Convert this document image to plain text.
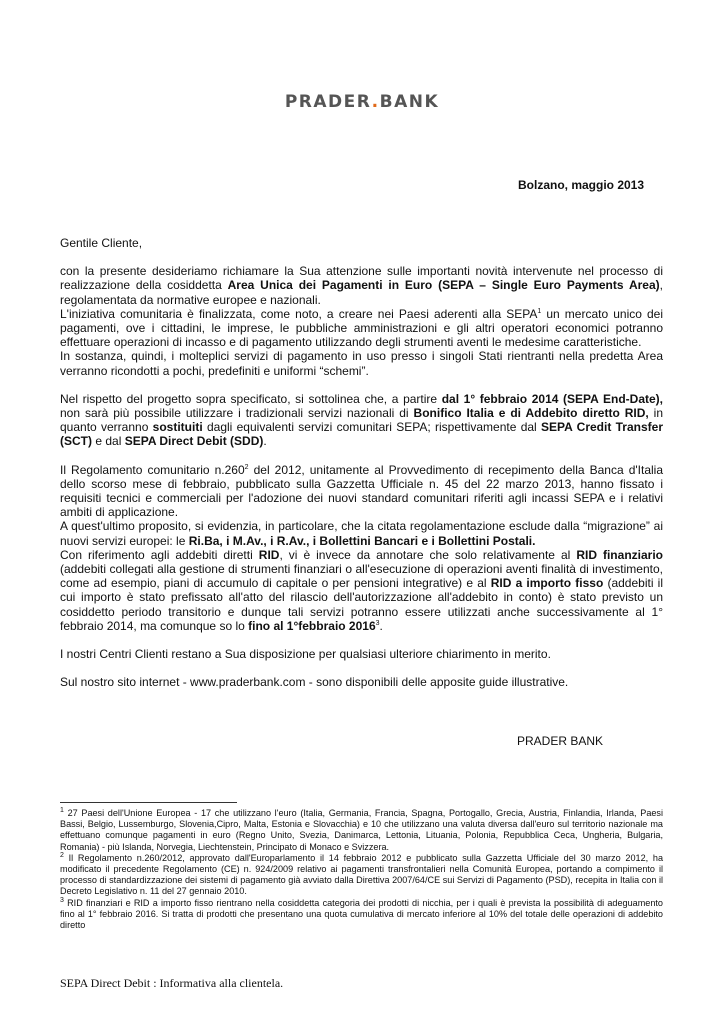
PRADER.BANK
Bolzano, maggio 2013

Gentile Cliente,

con la presente desideriamo richiamare la Sua attenzione sulle importanti novità intervenute nel processo di realizzazione della cosiddetta Area Unica dei Pagamenti in Euro (SEPA – Single Euro Payments Area), regolamentata da normative europee e nazionali.

L'iniziativa comunitaria è finalizzata, come noto, a creare nei Paesi aderenti alla SEPA$^1$ un mercato unico dei pagamenti, ove i cittadini, le imprese, le pubbliche amministrazioni e gli altri operatori economici potranno effettuare operazioni di incasso e di pagamento utilizzando degli strumenti aventi le medesime caratteristiche.

In sostanza, quindi, i molteplici servizi di pagamento in uso presso i singoli Stati rientranti nella predetta Area verranno ricondotti a pochi, predefiniti e uniformi “schemi”.

Nel rispetto del progetto sopra specificato, si sottolinea che, a partire dal 1° febbraio 2014 (SEPA End-Date), non sarà più possibile utilizzare i tradizionali servizi nazionali di Bonifico Italia e di Addebito diretto RID, in quanto verranno sostituiti dagli equivalenti servizi comunitari SEPA; rispettivamente dal SEPA Credit Transfer (SCT) e dal SEPA Direct Debit (SDD).

Il Regolamento comunitario n.260$^2$ del 2012, unitamente al Provvedimento di recepimento della Banca d'Italia dello scorso mese di febbraio, pubblicato sulla Gazzetta Ufficiale n. 45 del 22 marzo 2013, hanno fissato i requisiti tecnici e commerciali per l'adozione dei nuovi standard comunitari riferiti agli incassi SEPA e i relativi ambiti di applicazione.

A quest'ultimo proposito, si evidenzia, in particolare, che la citata regolamentazione esclude dalla “migrazione” ai nuovi servizi europei: le Ri.Ba, i M.Av., i R.Av., i Bollettini Bancari e i Bollettini Postali.

Con riferimento agli addebiti diretti RID, vi è invece da annotare che solo relativamente al RID finanziario (addebiti collegati alla gestione di strumenti finanziari o all'esecuzione di operazioni aventi finalità di investimento, come ad esempio, piani di accumulo di capitale o per pensioni integrative) e al RID a importo fisso (addebiti il cui importo è stato prefissato all'atto del rilascio dell'autorizzazione all'addebito in conto) è stato previsto un cosiddetto periodo transitorio e dunque tali servizi potranno essere utilizzati anche successivamente al 1° febbraio 2014, ma comunque so lo fino al 1°febbraio 2016$^3$.

I nostri Centri Clienti restano a Sua disposizione per qualsiasi ulteriore chiarimento in merito.

Sul nostro sito internet - www.praderbank.com - sono disponibili delle apposite guide illustrative.

PRADER BANK

$^1$ 27 Paesi dell'Unione Europea - 17 che utilizzano l'euro (Italia, Germania, Francia, Spagna, Portogallo, Grecia, Austria, Finlandia, Irlanda, Paesi Bassi, Belgio, Lussemburgo, Slovenia,Cipro, Malta, Estonia e Slovacchia) e 10 che utilizzano una valuta diversa dall'euro sul territorio nazionale ma effettuano comunque pagamenti in euro (Regno Unito, Svezia, Danimarca, Lettonia, Lituania, Polonia, Repubblica Ceca, Ungheria, Bulgaria, Romania) - più Islanda, Norvegia, Liechtenstein, Principato di Monaco e Svizzera.

$^2$ Il Regolamento n.260/2012, approvato dall'Europarlamento il 14 febbraio 2012 e pubblicato sulla Gazzetta Ufficiale del 30 marzo 2012, ha modificato il precedente Regolamento (CE) n. 924/2009 relativo ai pagamenti transfrontalieri nella Comunità Europea, portando a compimento il processo di standardizzazione dei sistemi di pagamento già avviato dalla Direttiva 2007/64/CE sui Servizi di Pagamento (PSD), recepita in Italia con il Decreto Legislativo n. 11 del 27 gennaio 2010.

$^3$ RID finanziari e RID a importo fisso rientrano nella cosiddetta categoria dei prodotti di nicchia, per i quali è prevista la possibilità di adeguamento fino al 1° febbraio 2016. Si tratta di prodotti che presentano una quota cumulativa di mercato inferiore al 10% del totale delle operazioni di addebito diretto

SEPA Direct Debit : Informativa alla clientela.
